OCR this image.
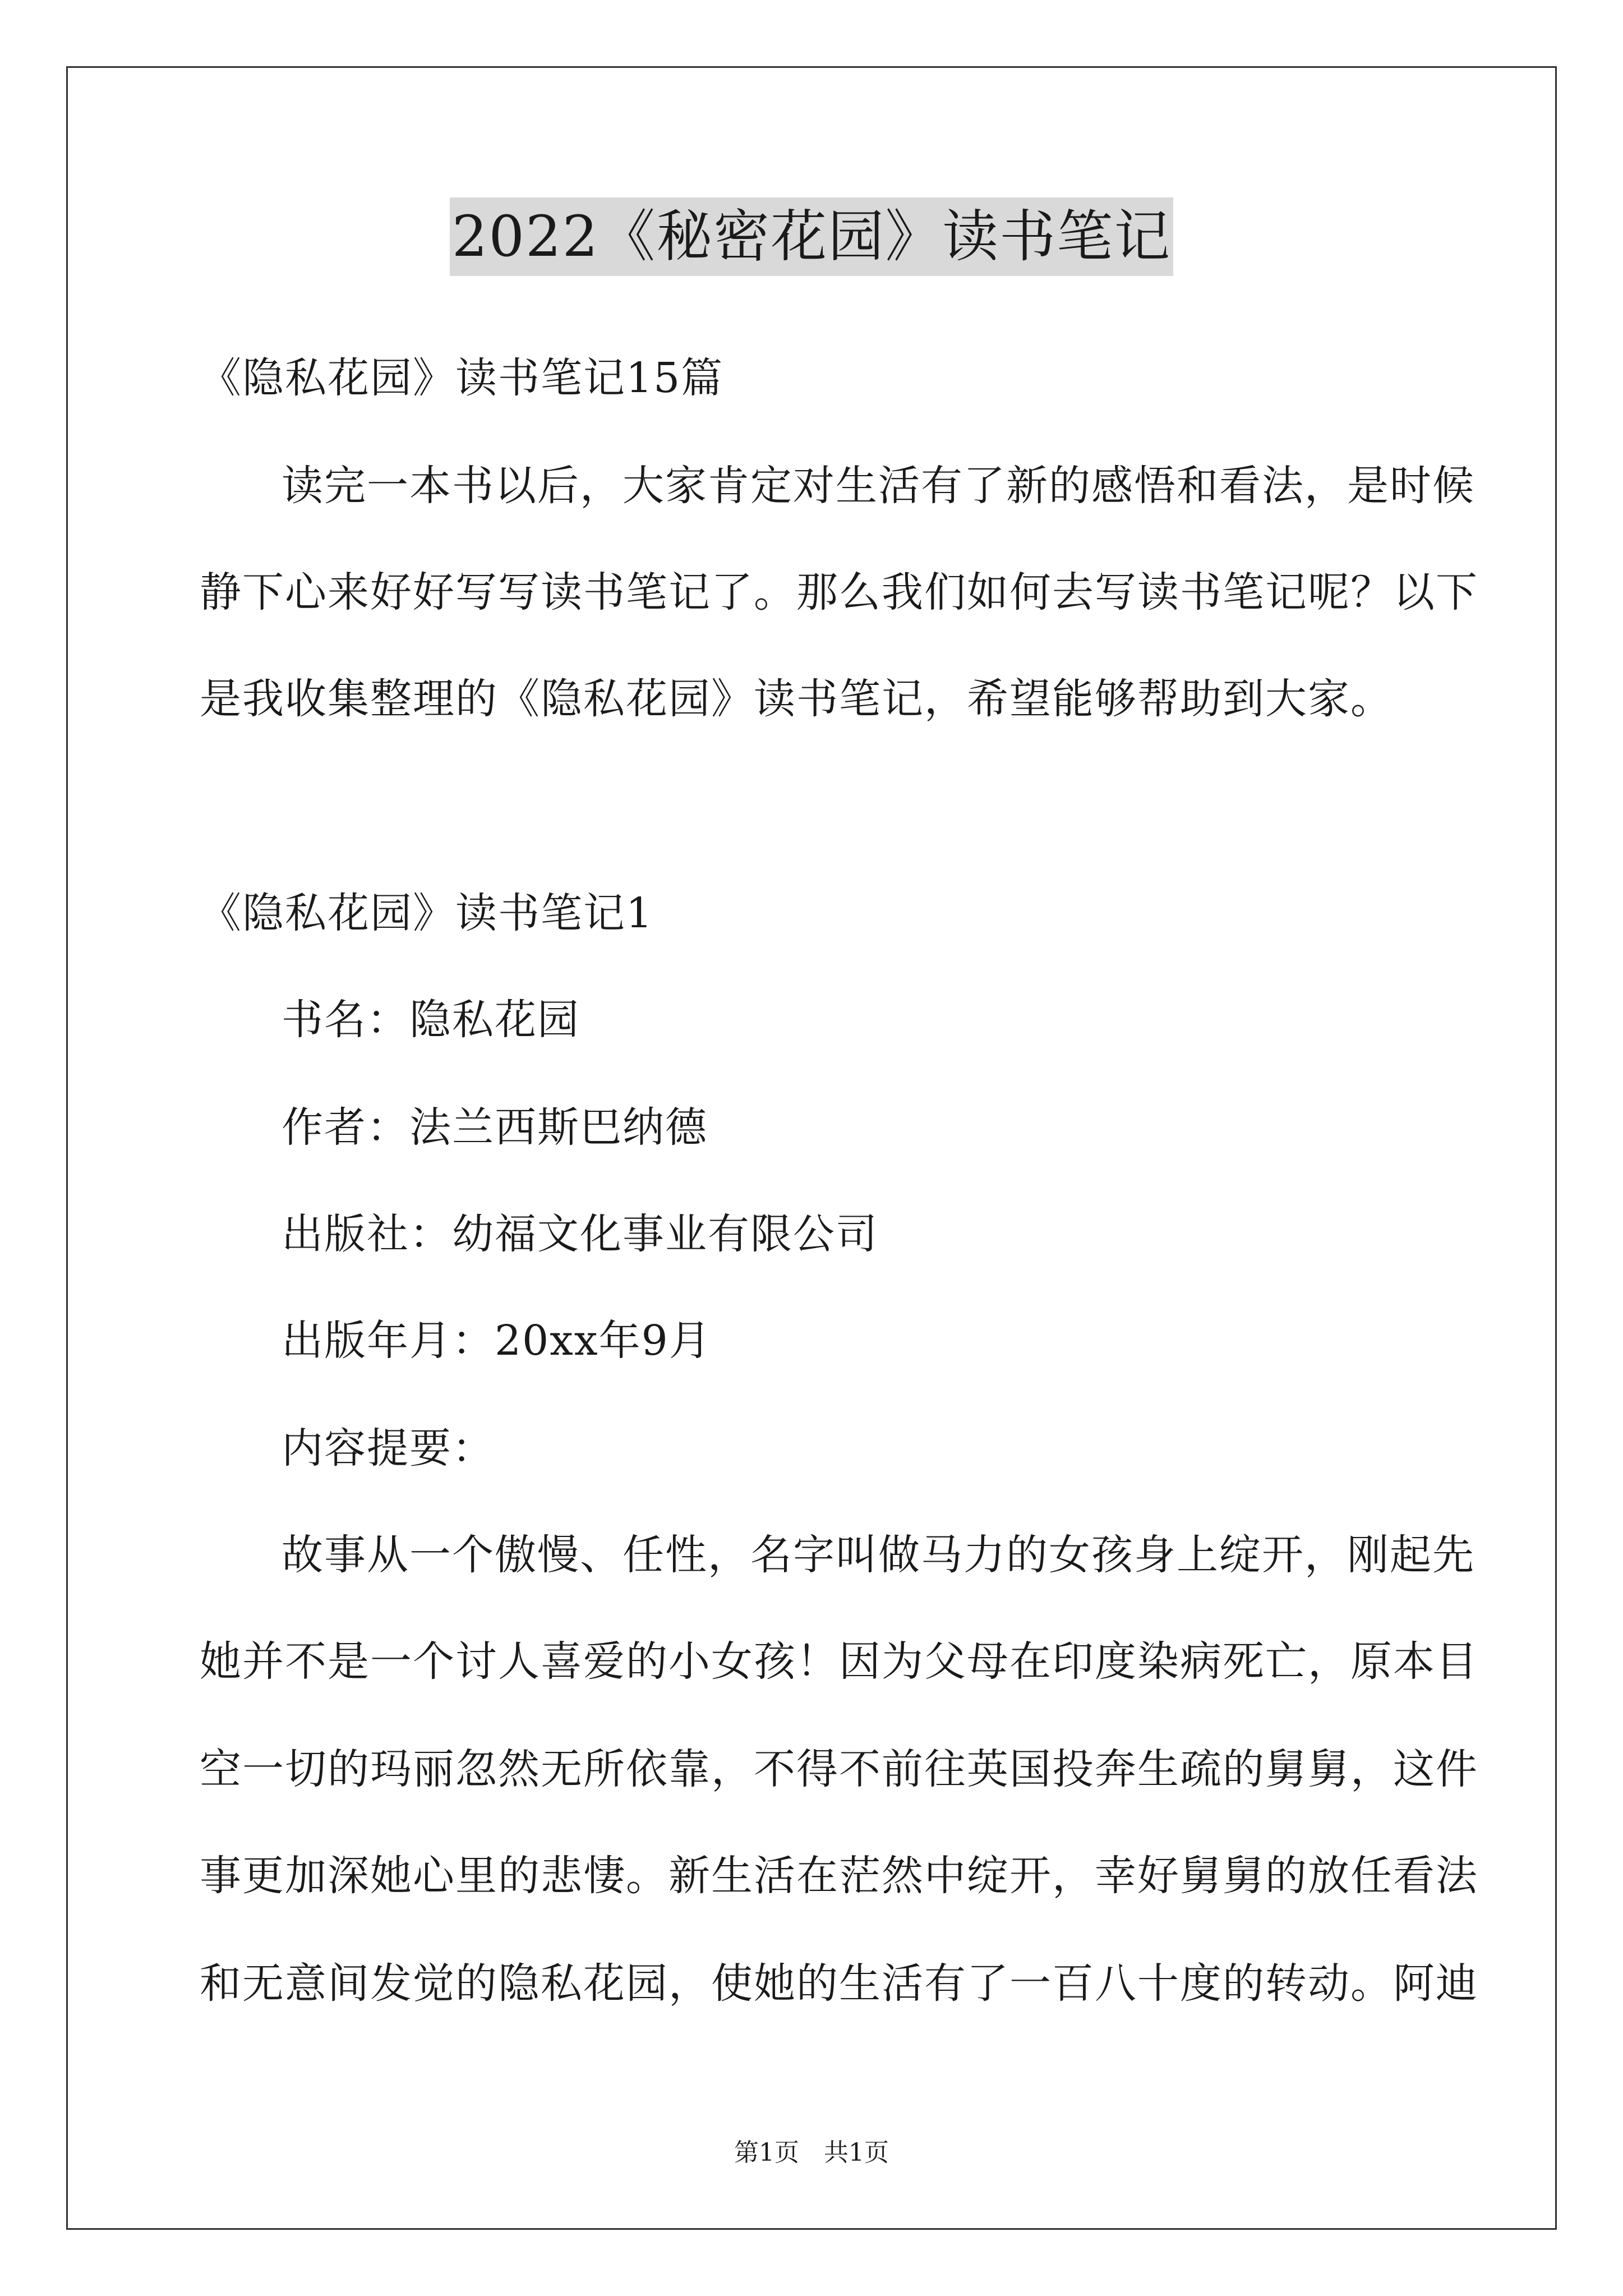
2022《秘密花园》读书笔记
《隐私花园》读书笔记15篇
读完一本书以后，大家肯定对生活有了新的感悟和看法，是时候
静下心来好好写写读书笔记了。那么我们如何去写读书笔记呢？以下
是我收集整理的《隐私花园》读书笔记，希望能够帮助到大家。
《隐私花园》读书笔记1
书名：隐私花园
作者：法兰西斯巴纳德
出版社：幼福文化事业有限公司
出版年月：20xx年9月
内容提要：
故事从一个傲慢、任性，名字叫做马力的女孩身上绽开，刚起先
她并不是一个讨人喜爱的小女孩！因为父母在印度染病死亡，原本目
空一切的玛丽忽然无所依靠，不得不前往英国投奔生疏的舅舅，这件
事更加深她心里的悲悽。新生活在茫然中绽开，幸好舅舅的放任看法
和无意间发觉的隐私花园，使她的生活有了一百八十度的转动。阿迪
第1页　共1页
